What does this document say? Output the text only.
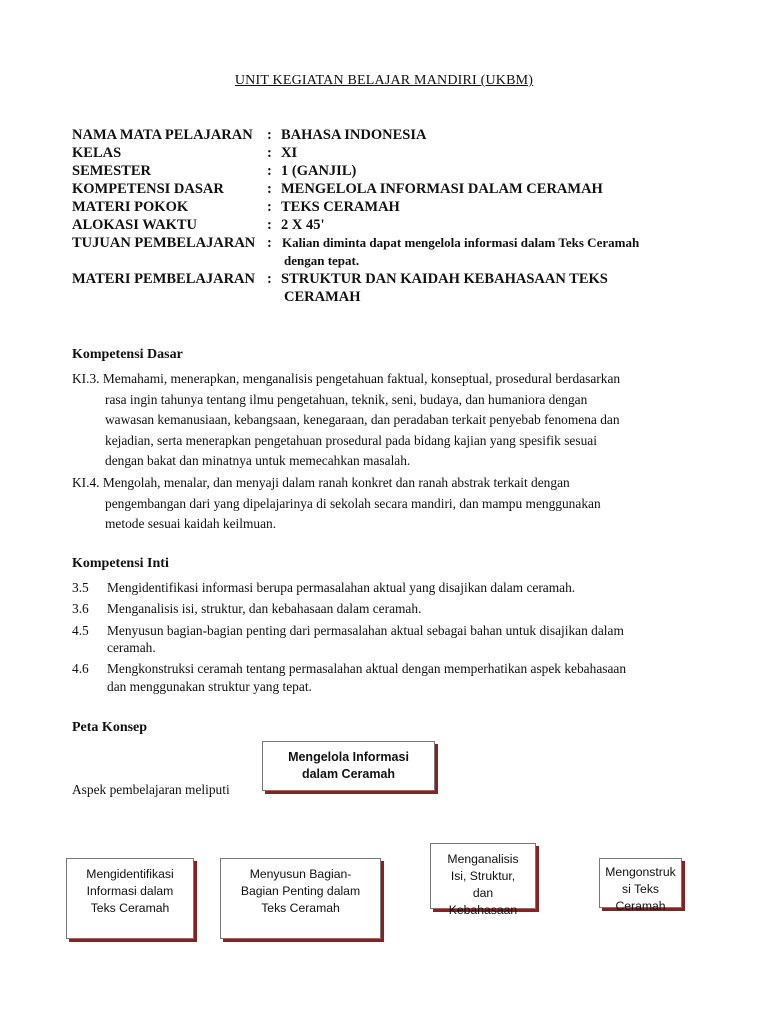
UNIT KEGIATAN BELAJAR MANDIRI (UKBM)
NAMA MATA PELAJARAN : BAHASA INDONESIA
KELAS	: XI
SEMESTER	: 1 (GANJIL)
KOMPETENSI DASAR	: MENGELOLA INFORMASI DALAM CERAMAH
MATERI POKOK	: TEKS CERAMAH
ALOKASI WAKTU	: 2 X 45'
TUJUAN PEMBELAJARAN : Kalian diminta dapat mengelola informasi dalam Teks Ceramah
dengan tepat.
MATERI PEMBELAJARAN : STRUKTUR DAN KAIDAH KEBAHASAAN TEKS
CERAMAH
Kompetensi Dasar
KI.3. Memahami, menerapkan, menganalisis pengetahuan faktual, konseptual, prosedural berdasarkan
rasa ingin tahunya tentang ilmu pengetahuan, teknik, seni, budaya, dan humaniora dengan
wawasan kemanusiaan, kebangsaan, kenegaraan, dan peradaban terkait penyebab fenomena dan
kejadian, serta menerapkan pengetahuan prosedural pada bidang kajian yang spesifik sesuai
dengan bakat dan minatnya untuk memecahkan masalah.
KI.4. Mengolah, menalar, dan menyaji dalam ranah konkret dan ranah abstrak terkait dengan
pengembangan dari yang dipelajarinya di sekolah secara mandiri, dan mampu menggunakan
metode sesuai kaidah keilmuan.
Kompetensi Inti
3.5 Mengidentifikasi informasi berupa permasalahan aktual yang disajikan dalam ceramah.
3.6 Menganalisis isi, struktur, dan kebahasaan dalam ceramah.
4.5 Menyusun bagian-bagian penting dari permasalahan aktual sebagai bahan untuk disajikan dalam
ceramah.
4.6 Mengkonstruksi ceramah tentang permasalahan aktual dengan memperhatikan aspek kebahasaan
dan menggunakan struktur yang tepat.
Peta Konsep
Aspek pembelajaran meliputi
Mengelola Informasi
dalam Ceramah
Mengidentifikasi
Informasi dalam
Teks Ceramah
Menyusun Bagian-
Bagian Penting dalam
Teks Ceramah
Menganalisis
Isi, Struktur,
dan
Kebahasaan
Mengonstruk
si Teks
Ceramah
